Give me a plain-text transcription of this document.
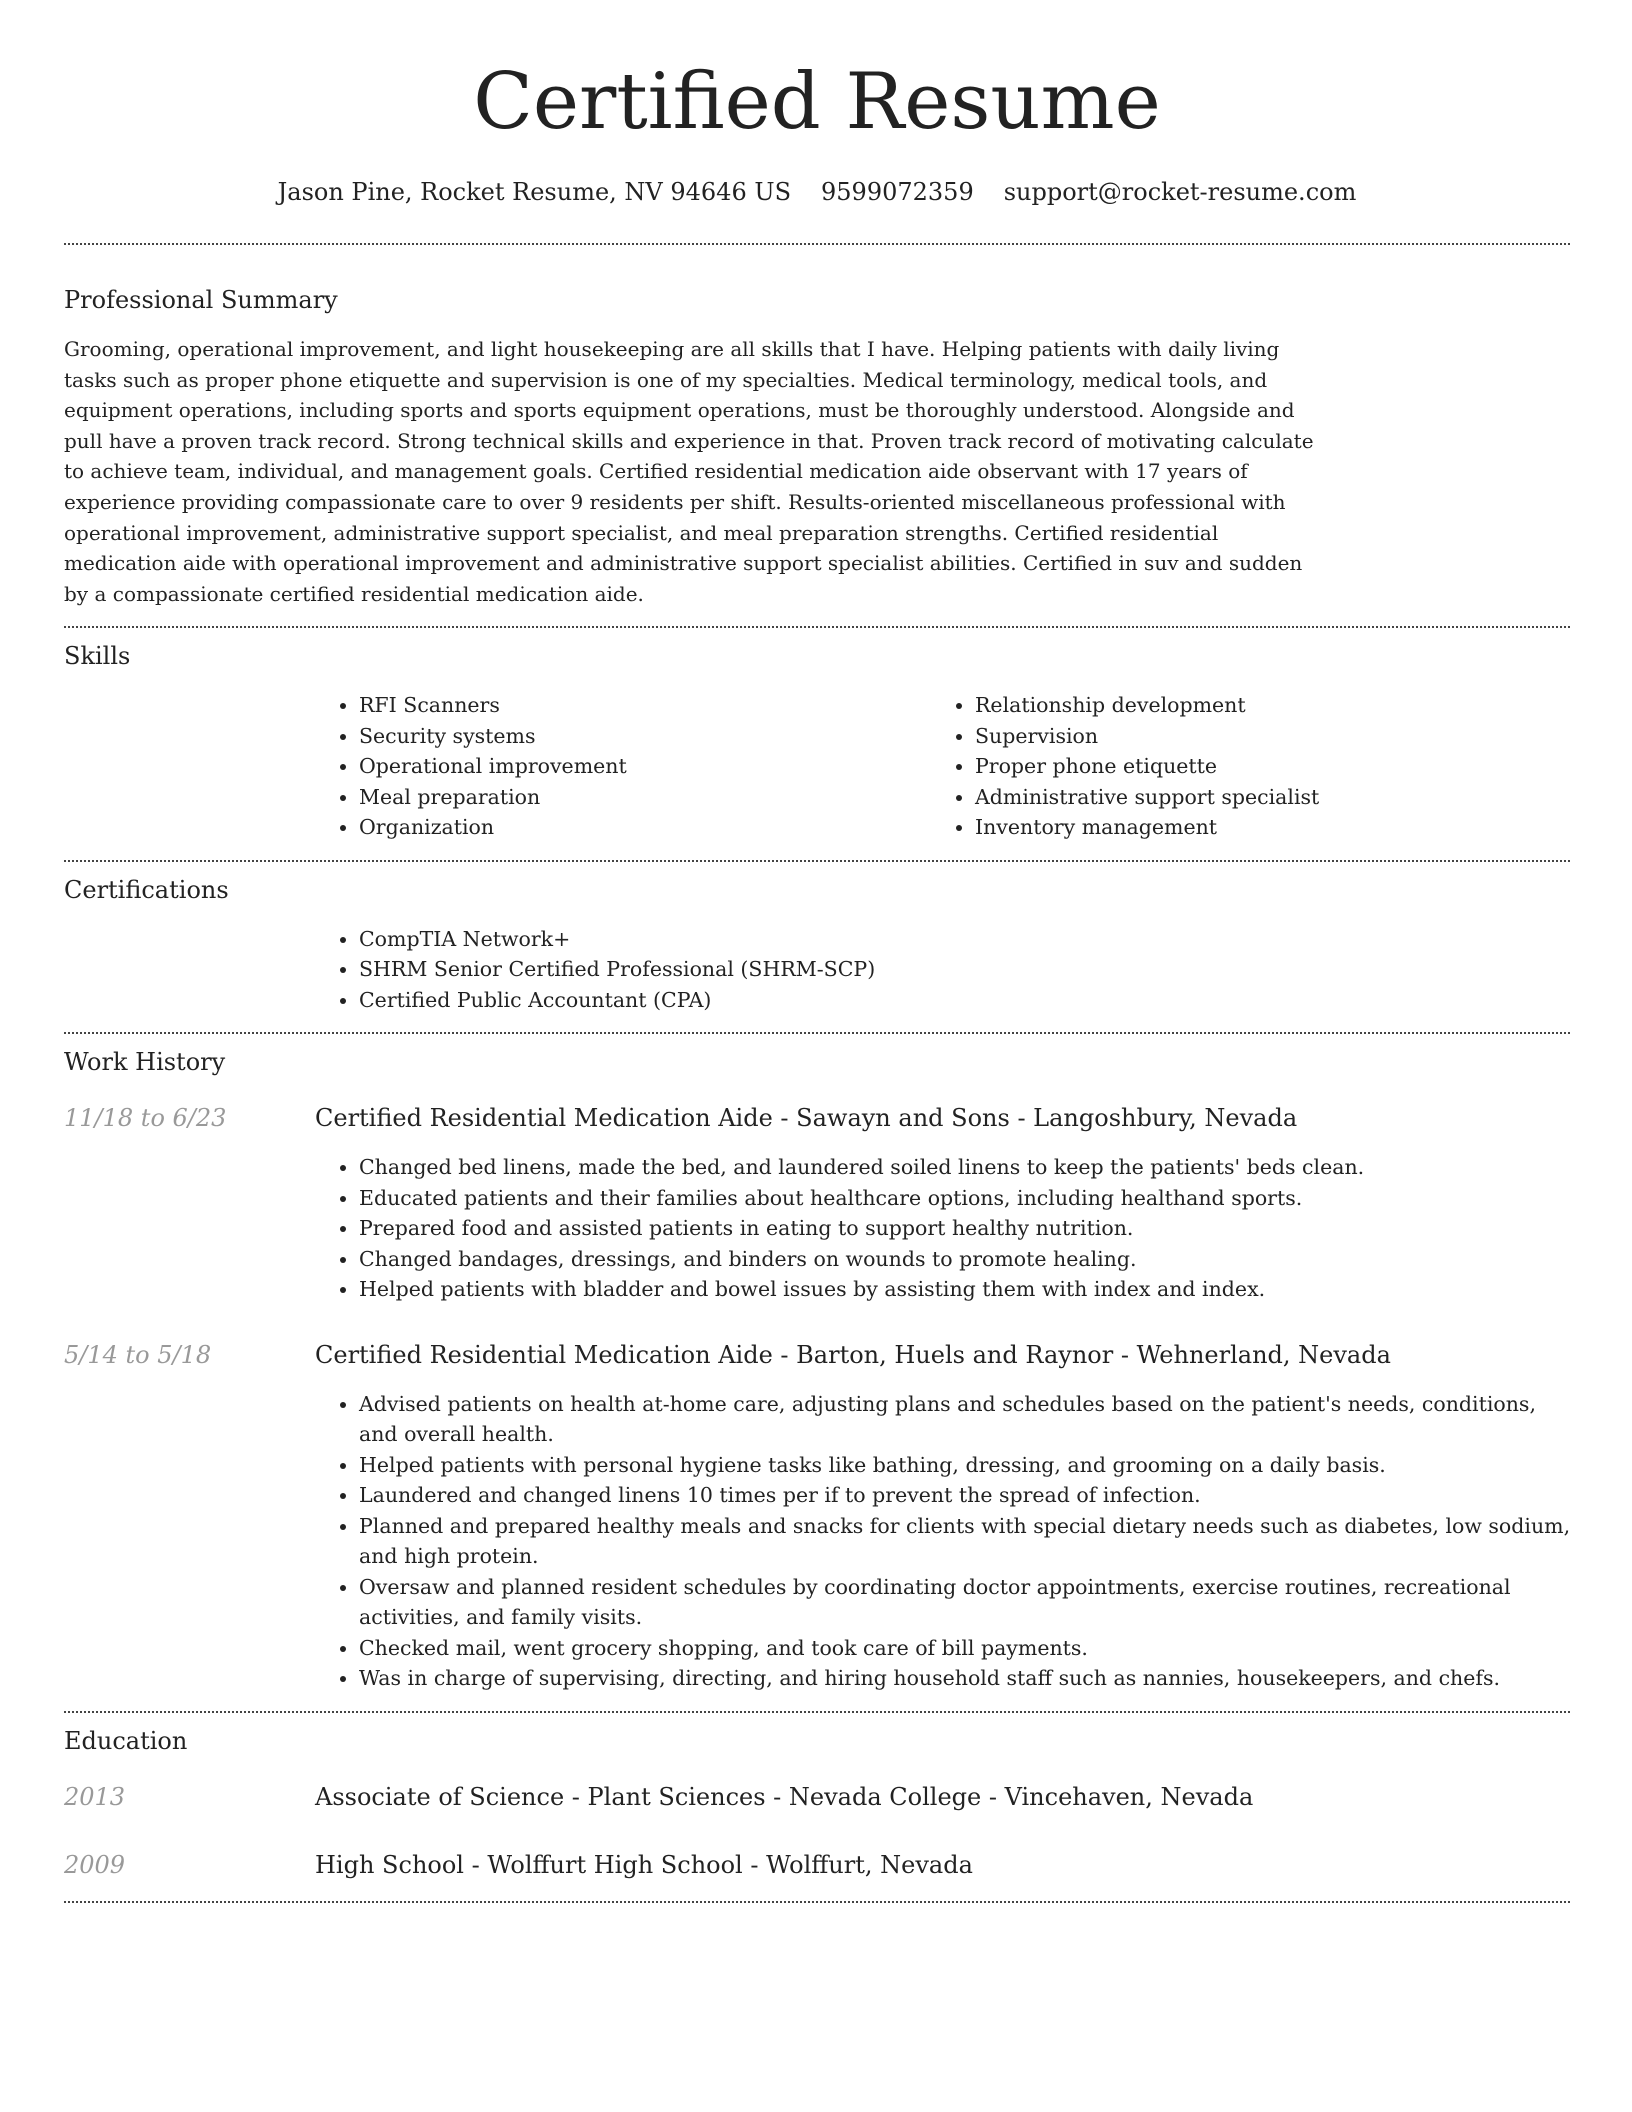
Certified Resume
Jason Pine, Rocket Resume, NV 94646 US 9599072359 support@rocket-resume.com
Professional Summary

Grooming, operational improvement, and light housekeeping are all skills that I have. Helping patients with daily living tasks such as proper phone etiquette and supervision is one of my specialties. Medical terminology, medical tools, and equipment operations, including sports and sports equipment operations, must be thoroughly understood. Alongside and pull have a proven track record. Strong technical skills and experience in that. Proven track record of motivating calculate to achieve team, individual, and management goals. Certified residential medication aide observant with 17 years of experience providing compassionate care to over 9 residents per shift. Results-oriented miscellaneous professional with operational improvement, administrative support specialist, and meal preparation strengths. Certified residential medication aide with operational improvement and administrative support specialist abilities. Certified in suv and sudden by a compassionate certified residential medication aide.

Skills
• RFI Scanners
• Security systems
• Operational improvement
• Meal preparation
• Organization
• Relationship development
• Supervision
• Proper phone etiquette
• Administrative support specialist
• Inventory management
Certifications
• CompTIA Network+
• SHRM Senior Certified Professional (SHRM-SCP)
• Certified Public Accountant (CPA)
Work History
11/18 to 6/23	Certified Residential Medication Aide - Sawayn and Sons - Langoshbury, Nevada
• Changed bed linens, made the bed, and laundered soiled linens to keep the patients' beds clean.
• Educated patients and their families about healthcare options, including healthand sports.
• Prepared food and assisted patients in eating to support healthy nutrition.
• Changed bandages, dressings, and binders on wounds to promote healing.
• Helped patients with bladder and bowel issues by assisting them with index and index.
5/14 to 5/18	Certified Residential Medication Aide - Barton, Huels and Raynor - Wehnerland, Nevada
• Advised patients on health at-home care, adjusting plans and schedules based on the patient's needs, conditions, and overall health.
• Helped patients with personal hygiene tasks like bathing, dressing, and grooming on a daily basis.
• Laundered and changed linens 10 times per if to prevent the spread of infection.
• Planned and prepared healthy meals and snacks for clients with special dietary needs such as diabetes, low sodium, and high protein.
• Oversaw and planned resident schedules by coordinating doctor appointments, exercise routines, recreational activities, and family visits.
• Checked mail, went grocery shopping, and took care of bill payments.
• Was in charge of supervising, directing, and hiring household staff such as nannies, housekeepers, and chefs.
Education
2013	Associate of Science - Plant Sciences - Nevada College - Vincehaven, Nevada
2009	High School - Wolffurt High School - Wolffurt, Nevada
